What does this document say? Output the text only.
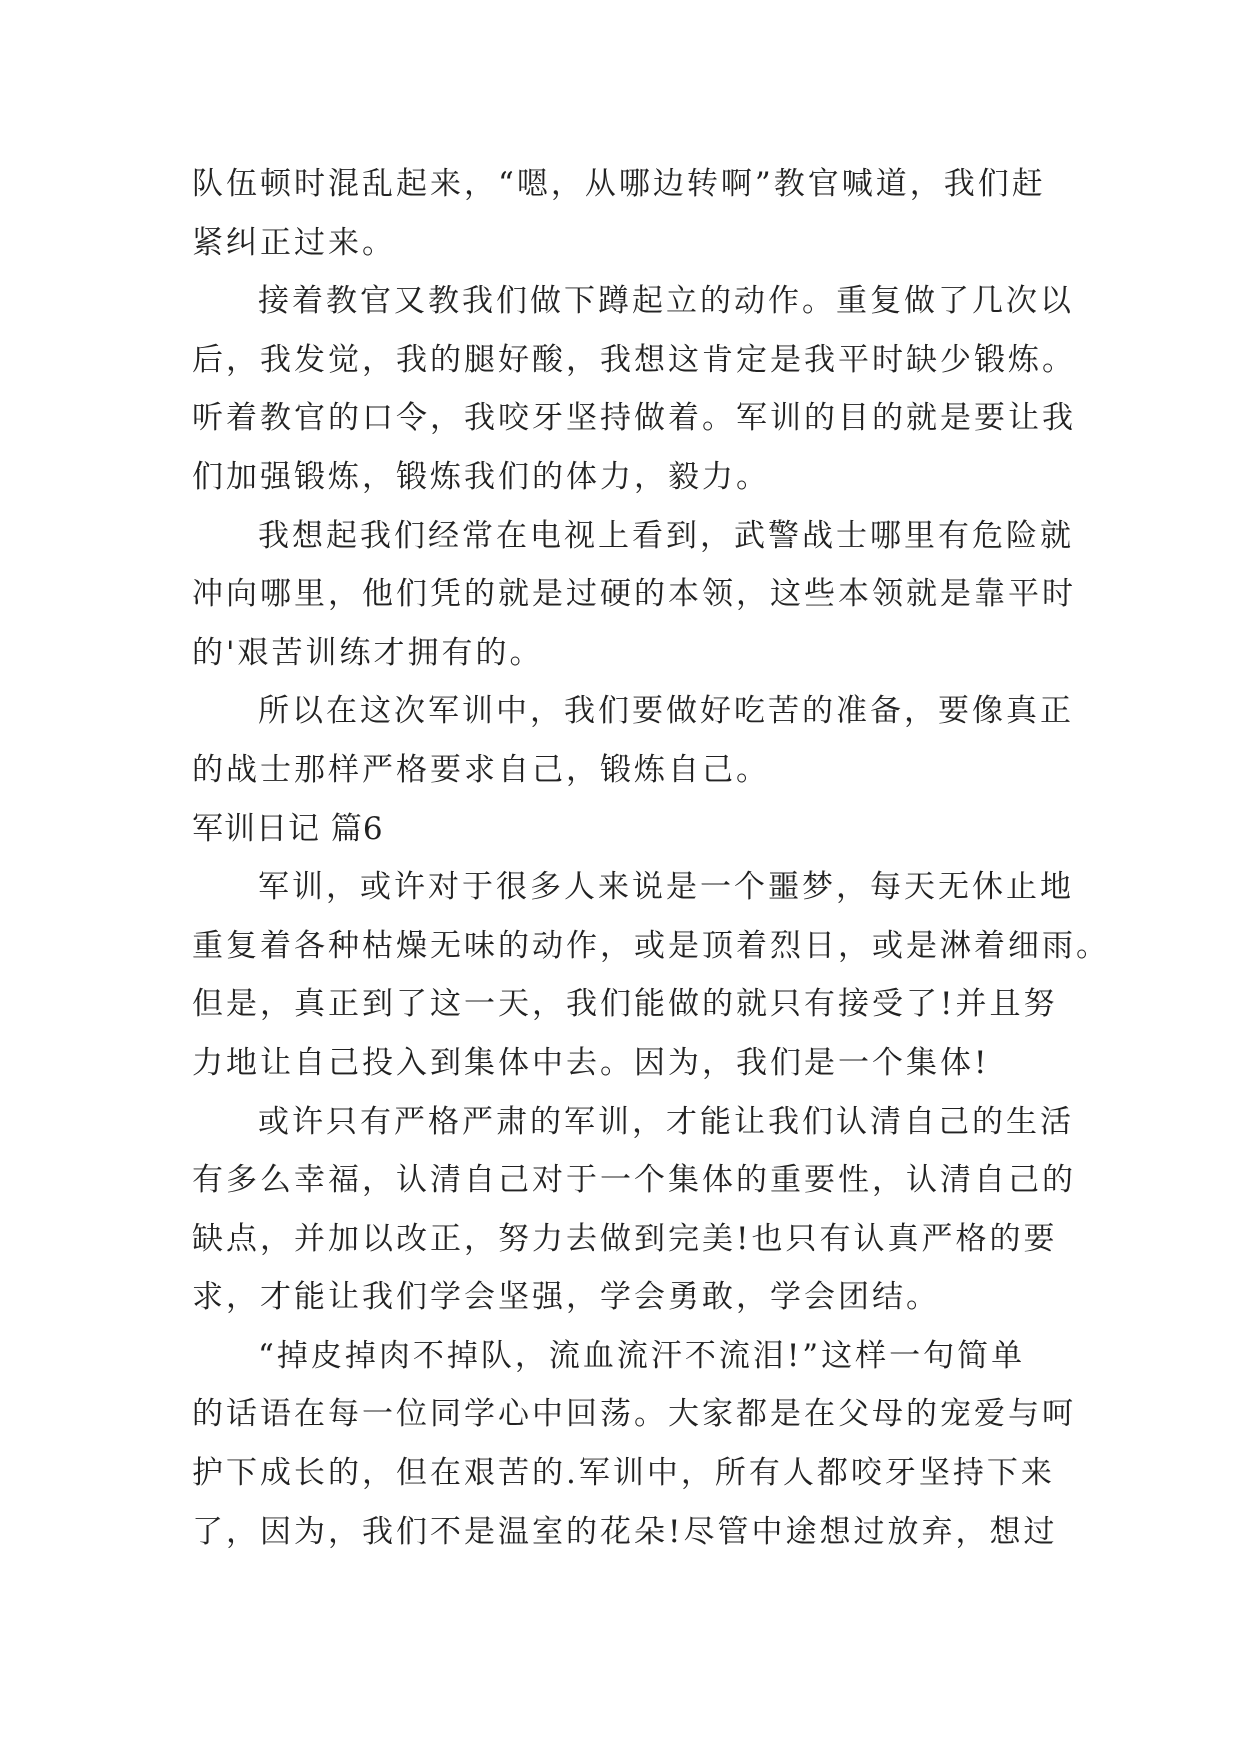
队伍顿时混乱起来，“嗯，从哪边转啊”教官喊道，我们赶
紧纠正过来。
接着教官又教我们做下蹲起立的动作。重复做了几次以
后，我发觉，我的腿好酸，我想这肯定是我平时缺少锻炼。
听着教官的口令，我咬牙坚持做着。军训的目的就是要让我
们加强锻炼，锻炼我们的体力，毅力。
我想起我们经常在电视上看到，武警战士哪里有危险就
冲向哪里，他们凭的就是过硬的本领，这些本领就是靠平时
的'艰苦训练才拥有的。
所以在这次军训中，我们要做好吃苦的准备，要像真正
的战士那样严格要求自己，锻炼自己。
军训日记 篇6
军训，或许对于很多人来说是一个噩梦，每天无休止地
重复着各种枯燥无味的动作，或是顶着烈日，或是淋着细雨。
但是，真正到了这一天，我们能做的就只有接受了!并且努
力地让自己投入到集体中去。因为，我们是一个集体!
或许只有严格严肃的军训，才能让我们认清自己的生活
有多么幸福，认清自己对于一个集体的重要性，认清自己的
缺点，并加以改正，努力去做到完美!也只有认真严格的要
求，才能让我们学会坚强，学会勇敢，学会团结。
“掉皮掉肉不掉队，流血流汗不流泪!”这样一句简单
的话语在每一位同学心中回荡。大家都是在父母的宠爱与呵
护下成长的，但在艰苦的.军训中，所有人都咬牙坚持下来
了，因为，我们不是温室的花朵!尽管中途想过放弃，想过
